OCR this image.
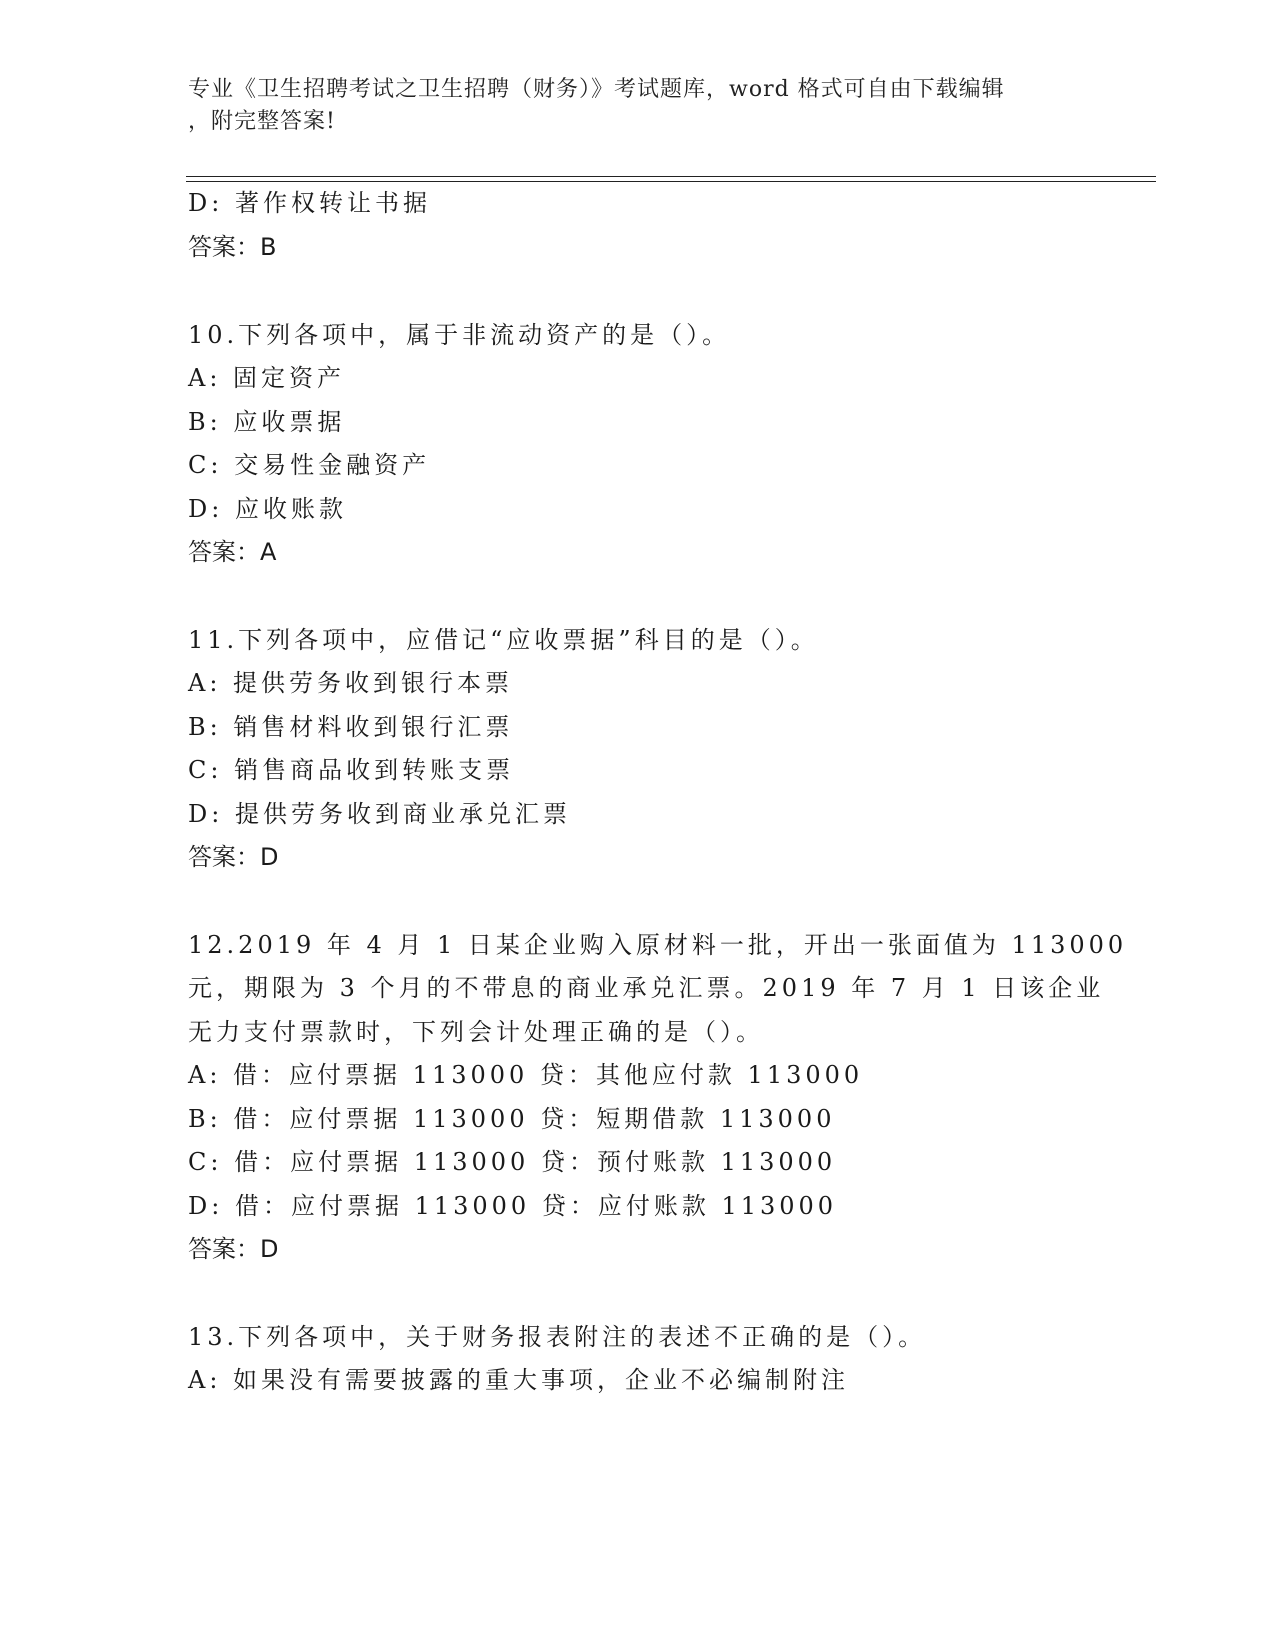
专业《卫生招聘考试之卫生招聘（财务）》考试题库，word 格式可自由下载编辑
，附完整答案!
D: 著作权转让书据
答案：B
10.下列各项中，属于非流动资产的是（）。
A: 固定资产
B: 应收票据
C: 交易性金融资产
D: 应收账款
答案：A
11.下列各项中，应借记“应收票据”科目的是（）。
A: 提供劳务收到银行本票
B: 销售材料收到银行汇票
C: 销售商品收到转账支票
D: 提供劳务收到商业承兑汇票
答案：D
12.2019 年 4 月 1 日某企业购入原材料一批，开出一张面值为 113000
元，期限为 3 个月的不带息的商业承兑汇票。2019 年 7 月 1 日该企业
无力支付票款时，下列会计处理正确的是（）。
A: 借：应付票据 113000 贷：其他应付款 113000
B: 借：应付票据 113000 贷：短期借款 113000
C: 借：应付票据 113000 贷：预付账款 113000
D: 借：应付票据 113000 贷：应付账款 113000
答案：D
13.下列各项中，关于财务报表附注的表述不正确的是（）。
A: 如果没有需要披露的重大事项，企业不必编制附注
